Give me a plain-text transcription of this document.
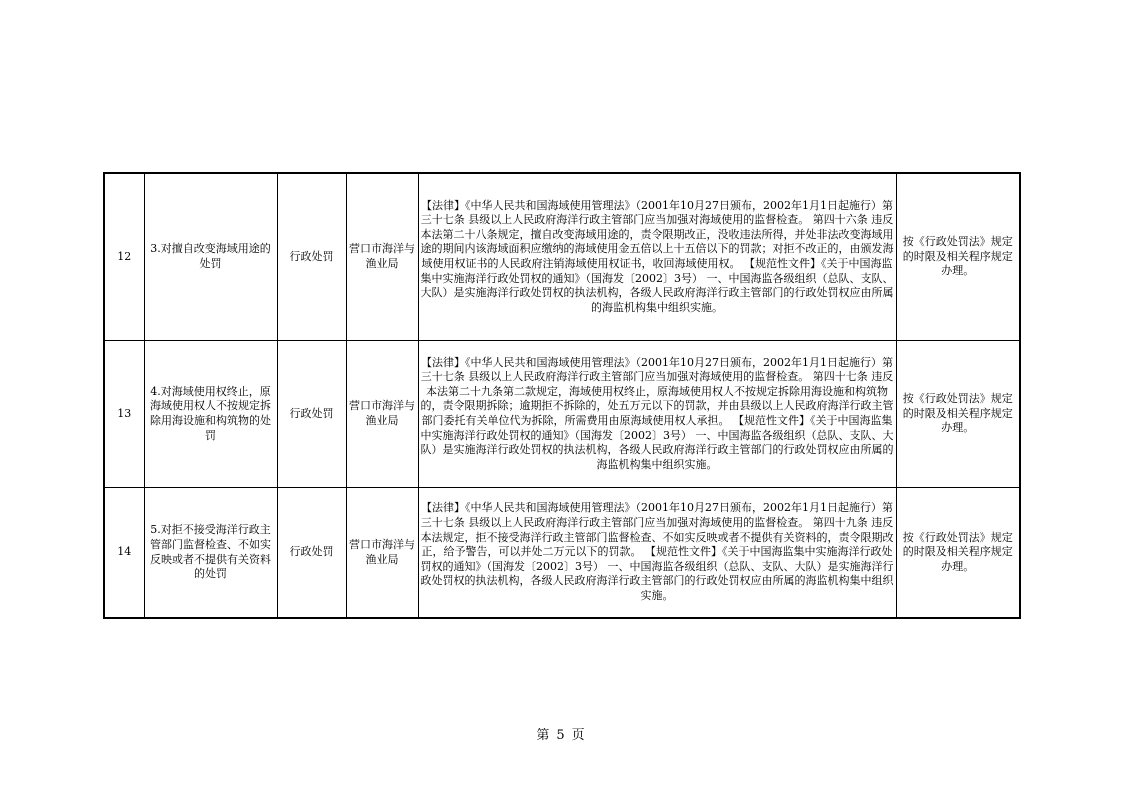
12	3.对擅自改变海域用途的处罚	行政处罚	营口市海洋与渔业局	【法律】《中华人民共和国海域使用管理法》（2001年10月27日颁布，2002年1月1日起施行）第三十七条 县级以上人民政府海洋行政主管部门应当加强对海域使用的监督检查。 第四十六条 违反本法第二十八条规定，擅自改变海域用途的，责令限期改正，没收违法所得，并处非法改变海域用途的期间内该海域面积应缴纳的海域使用金五倍以上十五倍以下的罚款；对拒不改正的，由颁发海域使用权证书的人民政府注销海域使用权证书，收回海域使用权。 【规范性文件】《关于中国海监集中实施海洋行政处罚权的通知》（国海发〔2002〕3号） 一、中国海监各级组织（总队、支队、大队）是实施海洋行政处罚权的执法机构，各级人民政府海洋行政主管部门的行政处罚权应由所属的海监机构集中组织实施。	按《行政处罚法》规定的时限及相关程序规定办理。
13	4.对海域使用权终止，原海域使用权人不按规定拆除用海设施和构筑物的处罚	行政处罚	营口市海洋与渔业局	【法律】《中华人民共和国海域使用管理法》（2001年10月27日颁布，2002年1月1日起施行）第三十七条 县级以上人民政府海洋行政主管部门应当加强对海域使用的监督检查。 第四十七条 违反本法第二十九条第二款规定，海域使用权终止，原海域使用权人不按规定拆除用海设施和构筑物的，责令限期拆除；逾期拒不拆除的，处五万元以下的罚款，并由县级以上人民政府海洋行政主管部门委托有关单位代为拆除，所需费用由原海域使用权人承担。 【规范性文件】《关于中国海监集中实施海洋行政处罚权的通知》（国海发〔2002〕3号） 一、中国海监各级组织（总队、支队、大队）是实施海洋行政处罚权的执法机构，各级人民政府海洋行政主管部门的行政处罚权应由所属的海监机构集中组织实施。	按《行政处罚法》规定的时限及相关程序规定办理。
14	5.对拒不接受海洋行政主管部门监督检查、不如实反映或者不提供有关资料的处罚	行政处罚	营口市海洋与渔业局	【法律】《中华人民共和国海域使用管理法》（2001年10月27日颁布，2002年1月1日起施行）第三十七条 县级以上人民政府海洋行政主管部门应当加强对海域使用的监督检查。 第四十九条 违反本法规定，拒不接受海洋行政主管部门监督检查、不如实反映或者不提供有关资料的，责令限期改正，给予警告，可以并处二万元以下的罚款。 【规范性文件】《关于中国海监集中实施海洋行政处罚权的通知》（国海发〔2002〕3号） 一、中国海监各级组织（总队、支队、大队）是实施海洋行政处罚权的执法机构，各级人民政府海洋行政主管部门的行政处罚权应由所属的海监机构集中组织实施。	按《行政处罚法》规定的时限及相关程序规定办理。
第 5 页
